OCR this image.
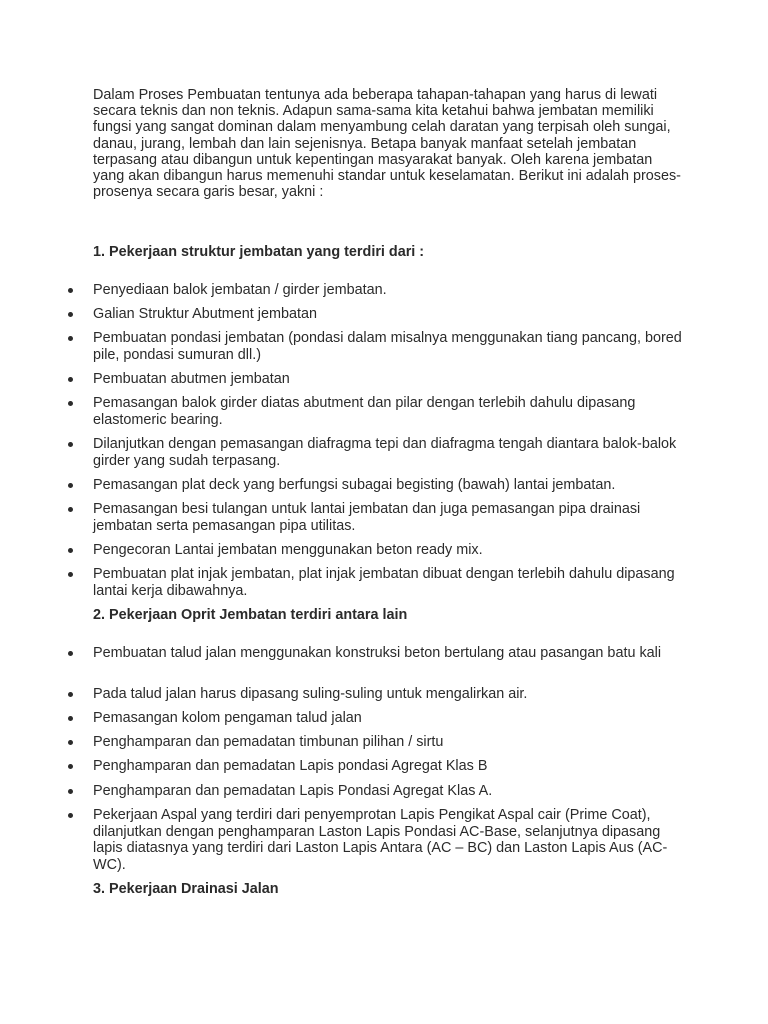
Dalam Proses Pembuatan tentunya ada beberapa tahapan-tahapan yang harus di lewati secara teknis dan non teknis. Adapun sama-sama kita ketahui bahwa jembatan memiliki fungsi yang sangat dominan dalam menyambung celah daratan yang terpisah oleh sungai, danau, jurang, lembah dan lain sejenisnya. Betapa banyak manfaat setelah jembatan terpasang atau dibangun untuk kepentingan masyarakat banyak. Oleh karena jembatan yang akan dibangun harus memenuhi standar untuk keselamatan. Berikut ini adalah proses-prosenya secara garis besar, yakni :

1. Pekerjaan struktur jembatan yang terdiri dari :
Penyediaan balok jembatan / girder jembatan.
Galian Struktur Abutment jembatan
Pembuatan pondasi jembatan (pondasi dalam misalnya menggunakan tiang pancang, bored pile, pondasi sumuran dll.)
Pembuatan abutmen jembatan
Pemasangan balok girder diatas abutment dan pilar dengan terlebih dahulu dipasang elastomeric bearing.
Dilanjutkan dengan pemasangan diafragma tepi dan diafragma tengah diantara balok-balok girder yang sudah terpasang.
Pemasangan plat deck yang berfungsi subagai begisting (bawah) lantai jembatan.
Pemasangan besi tulangan untuk lantai jembatan dan juga pemasangan pipa drainasi jembatan serta pemasangan pipa utilitas.
Pengecoran Lantai jembatan menggunakan beton ready mix.
Pembuatan plat injak jembatan, plat injak jembatan dibuat dengan terlebih dahulu dipasang lantai kerja dibawahnya.
2. Pekerjaan Oprit Jembatan terdiri antara lain
Pembuatan talud jalan menggunakan konstruksi beton bertulang atau pasangan batu kali
Pada talud jalan harus dipasang suling-suling untuk mengalirkan air.
Pemasangan kolom pengaman talud jalan
Penghamparan dan pemadatan timbunan pilihan / sirtu
Penghamparan dan pemadatan Lapis pondasi Agregat Klas B
Penghamparan dan pemadatan Lapis Pondasi Agregat Klas A.
Pekerjaan Aspal yang terdiri dari penyemprotan Lapis Pengikat Aspal cair (Prime Coat), dilanjutkan dengan penghamparan Laston Lapis Pondasi AC-Base, selanjutnya dipasang lapis diatasnya yang terdiri dari Laston Lapis Antara (AC – BC) dan Laston Lapis Aus (AC-WC).
3. Pekerjaan Drainasi Jalan
